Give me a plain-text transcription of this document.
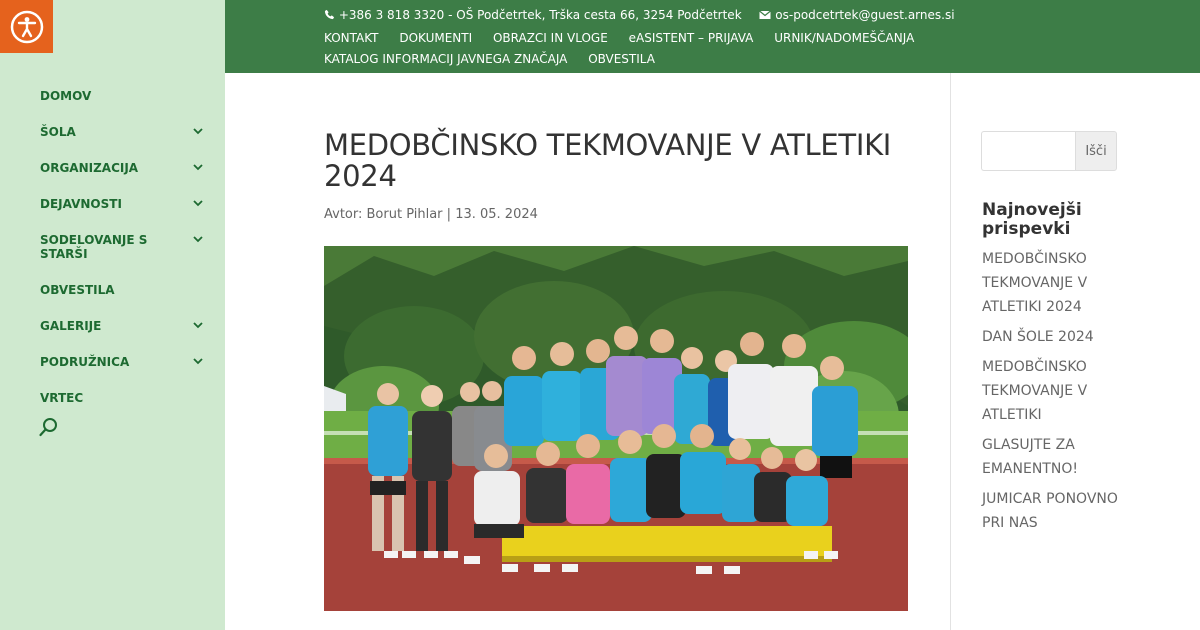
DOMOV
ŠOLA
ORGANIZACIJA
DEJAVNOSTI
SODELOVANJE S STARŠI
OBVESTILA
GALERIJE
PODRUŽNICA
VRTEC
+386 3 818 3320 - OŠ Podčetrtek, Trška cesta 66, 3254 Podčetrtek	os-podcetrtek@guest.arnes.si
KONTAKT DOKUMENTI OBRAZCI IN VLOGE eASISTENT – PRIJAVA URNIK/NADOMEŠČANJA
KATALOG INFORMACIJ JAVNEGA ZNAČAJA OBVESTILA
MEDOBČINSKO TEKMOVANJE V ATLETIKI 2024

Avtor: Borut Pihlar | 13. 05. 2024

Išči
Najnovejši prispevki
MEDOBČINSKO TEKMOVANJE V ATLETIKI 2024
DAN ŠOLE 2024
MEDOBČINSKO TEKMOVANJE V ATLETIKI
GLASUJTE ZA EMANENTNO!
JUMICAR PONOVNO PRI NAS
